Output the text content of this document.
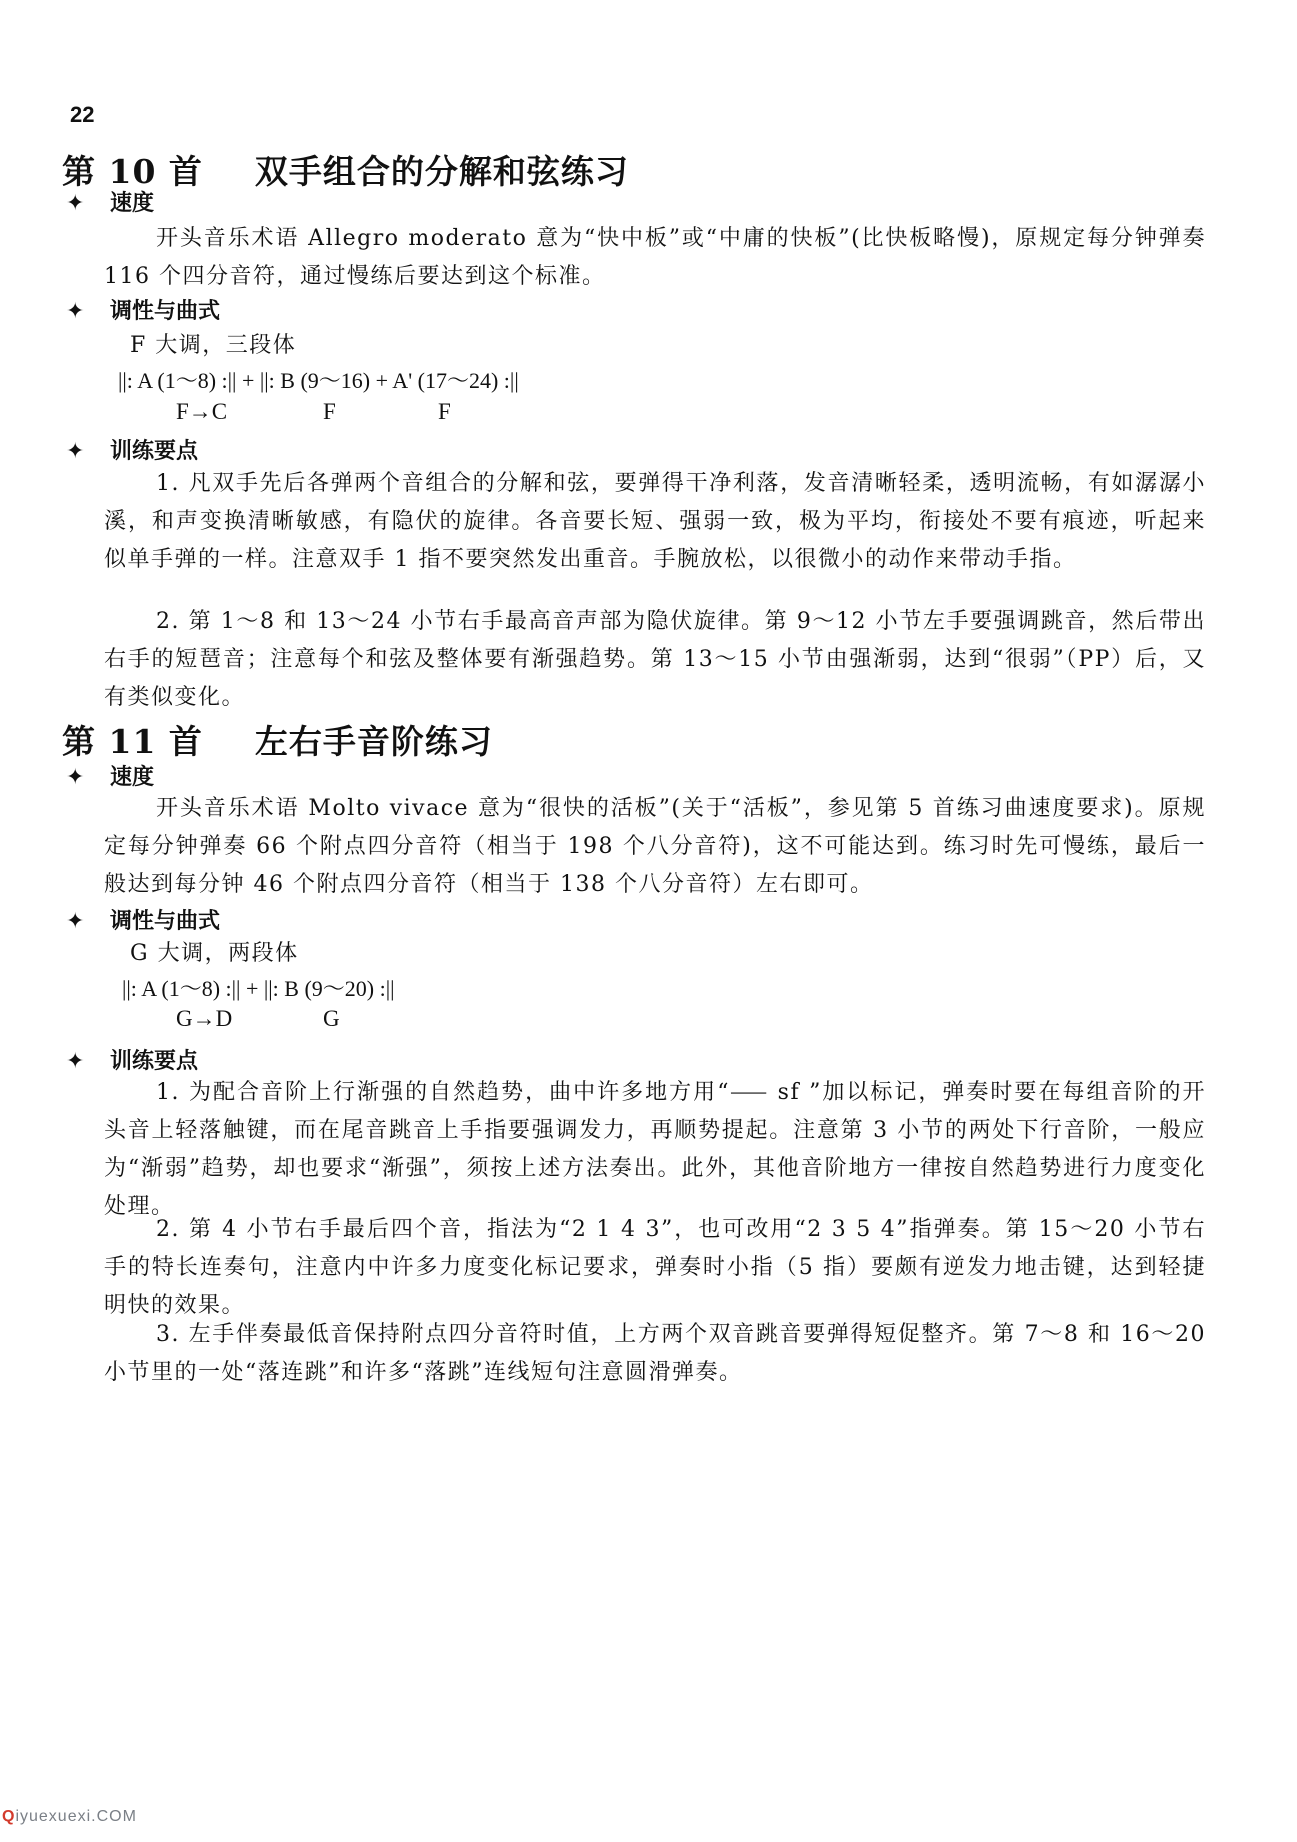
22
第 10 首 双手组合的分解和弦练习
✦ 速度

开头音乐术语 Allegro moderato 意为“快中板”或“中庸的快板”(比快板略慢)，原规定每分钟弹奏 116 个四分音符，通过慢练后要达到这个标准。

✦ 调性与曲式

F 大调，三段体

||: A (1～8) :|| + ||: B (9～16) + A' (17～24) :||

F→C	F	F
✦ 训练要点

1. 凡双手先后各弹两个音组合的分解和弦，要弹得干净利落，发音清晰轻柔，透明流畅，有如潺潺小溪，和声变换清晰敏感，有隐伏的旋律。各音要长短、强弱一致，极为平均，衔接处不要有痕迹，听起来似单手弹的一样。注意双手 1 指不要突然发出重音。手腕放松，以很微小的动作来带动手指。

2. 第 1～8 和 13～24 小节右手最高音声部为隐伏旋律。第 9～12 小节左手要强调跳音，然后带出右手的短琶音；注意每个和弦及整体要有渐强趋势。第 13～15 小节由强渐弱，达到“很弱”（PP）后，又有类似变化。

第 11 首 左右手音阶练习
✦ 速度

开头音乐术语 Molto vivace 意为“很快的活板”(关于“活板”，参见第 5 首练习曲速度要求)。原规定每分钟弹奏 66 个附点四分音符（相当于 198 个八分音符)，这不可能达到。练习时先可慢练，最后一般达到每分钟 46 个附点四分音符（相当于 138 个八分音符）左右即可。

✦ 调性与曲式

G 大调，两段体

||: A (1～8) :|| + ||: B (9～20) :||

G→D	G
✦ 训练要点

1. 为配合音阶上行渐强的自然趋势，曲中许多地方用“⸺ sf ”加以标记，弹奏时要在每组音阶的开头音上轻落触键，而在尾音跳音上手指要强调发力，再顺势提起。注意第 3 小节的两处下行音阶，一般应为“渐弱”趋势，却也要求“渐强”，须按上述方法奏出。此外，其他音阶地方一律按自然趋势进行力度变化处理。

2. 第 4 小节右手最后四个音，指法为“2 1 4 3”，也可改用“2 3 5 4”指弹奏。第 15～20 小节右手的特长连奏句，注意内中许多力度变化标记要求，弹奏时小指（5 指）要颇有逆发力地击键，达到轻捷明快的效果。

3. 左手伴奏最低音保持附点四分音符时值，上方两个双音跳音要弹得短促整齐。第 7～8 和 16～20 小节里的一处“落连跳”和许多“落跳”连线短句注意圆滑弹奏。

Qiyuexuexi.COM
